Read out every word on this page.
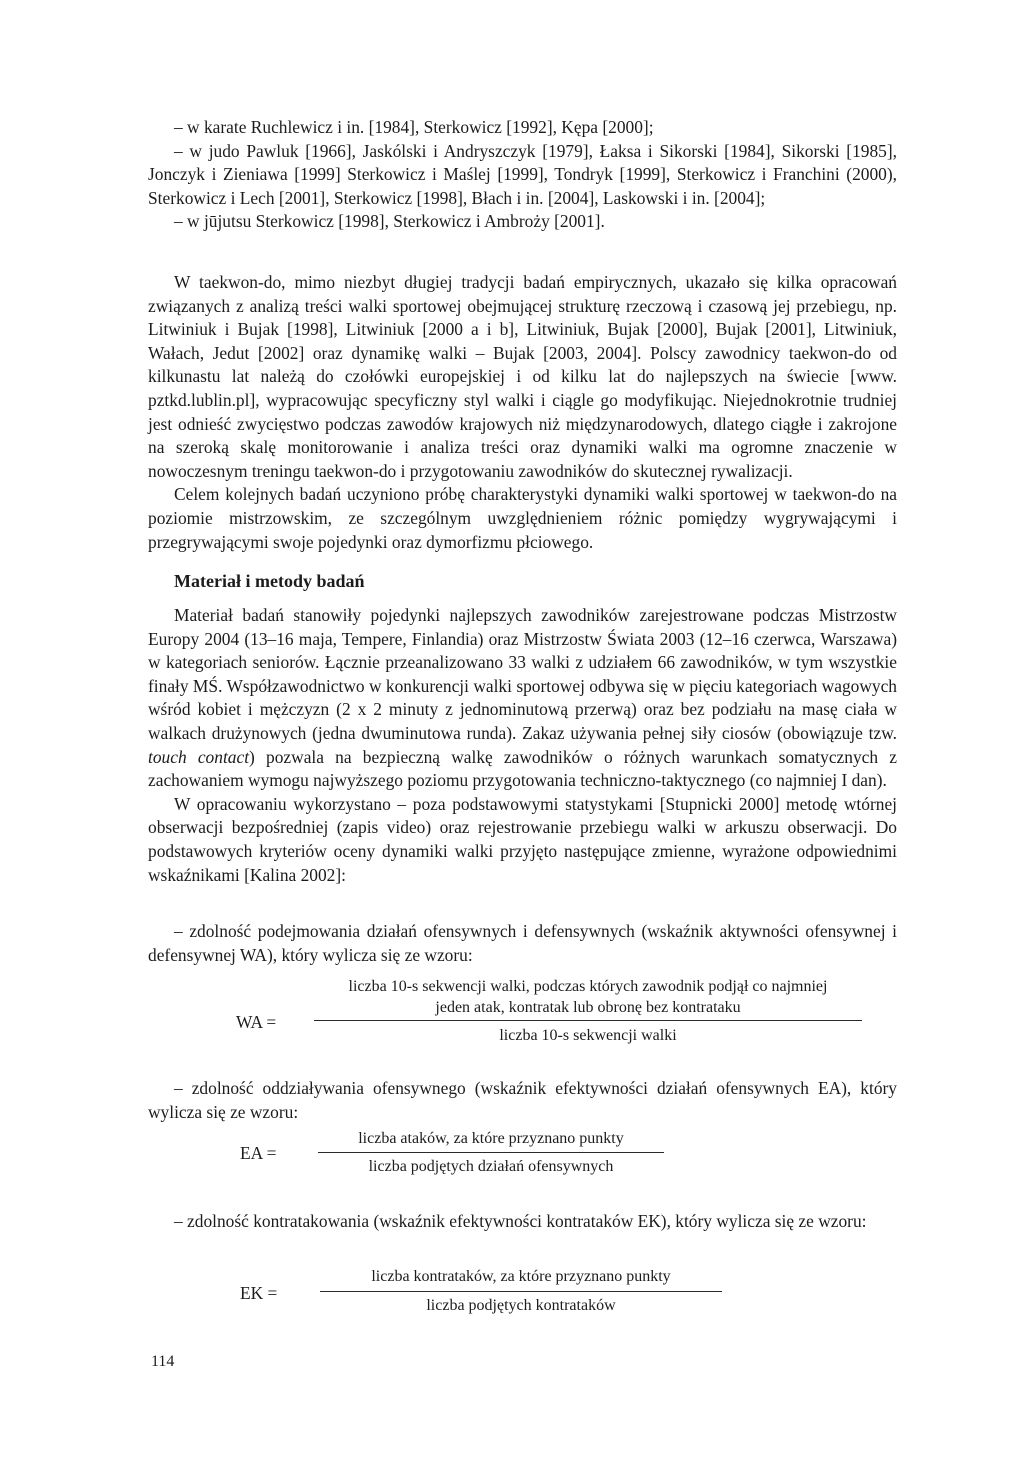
– w karate Ruchlewicz i in. [1984], Sterkowicz [1992], Kępa [2000];

– w judo Pawluk [1966], Jaskólski i Andryszczyk [1979], Łaksa i Sikorski [1984], Sikorski [1985], Jonczyk i Zieniawa [1999] Sterkowicz i Maślej [1999], Tondryk [1999], Sterkowicz i Franchini (2000), Sterkowicz i Lech [2001], Sterkowicz [1998], Błach i in. [2004], Laskowski i in. [2004];

– w jūjutsu Sterkowicz [1998], Sterkowicz i Ambroży [2001].

W taekwon-do, mimo niezbyt długiej tradycji badań empirycznych, ukazało się kilka opracowań związanych z analizą treści walki sportowej obejmującej strukturę rzeczową i czasową jej przebiegu, np. Litwiniuk i Bujak [1998], Litwiniuk [2000 a i b], Litwiniuk, Bujak [2000], Bujak [2001], Litwiniuk, Wałach, Jedut [2002] oraz dynamikę walki – Bujak [2003, 2004]. Polscy zawodnicy taekwon-do od kilkunastu lat należą do czołówki europejskiej i od kilku lat do najlepszych na świecie [www. pztkd.lublin.pl], wypracowując specyficzny styl walki i ciągle go modyfikując. Niejednokrotnie trudniej jest odnieść zwycięstwo podczas zawodów krajowych niż międzynarodowych, dlatego ciągłe i zakrojone na szeroką skalę monitorowanie i analiza treści oraz dynamiki walki ma ogromne znaczenie w nowoczesnym treningu taekwon-do i przygotowaniu zawodników do skutecznej rywalizacji.

Celem kolejnych badań uczyniono próbę charakterystyki dynamiki walki sportowej w taekwon-do na poziomie mistrzowskim, ze szczególnym uwzględnieniem różnic pomiędzy wygrywającymi i przegrywającymi swoje pojedynki oraz dymorfizmu płciowego.

Materiał i metody badań

Materiał badań stanowiły pojedynki najlepszych zawodników zarejestrowane podczas Mistrzostw Europy 2004 (13–16 maja, Tempere, Finlandia) oraz Mistrzostw Świata 2003 (12–16 czerwca, Warszawa) w kategoriach seniorów. Łącznie przeanalizowano 33 walki z udziałem 66 zawodników, w tym wszystkie finały MŚ. Współzawodnictwo w konkurencji walki sportowej odbywa się w pięciu kategoriach wagowych wśród kobiet i mężczyzn (2 x 2 minuty z jednominutową przerwą) oraz bez podziału na masę ciała w walkach drużynowych (jedna dwuminutowa runda). Zakaz używania pełnej siły ciosów (obowiązuje tzw. touch contact) pozwala na bezpieczną walkę zawodników o różnych warunkach somatycznych z zachowaniem wymogu najwyższego poziomu przygotowania techniczno-taktycznego (co najmniej I dan).

W opracowaniu wykorzystano – poza podstawowymi statystykami [Stupnicki 2000] metodę wtórnej obserwacji bezpośredniej (zapis video) oraz rejestrowanie przebiegu walki w arkuszu obserwacji. Do podstawowych kryteriów oceny dynamiki walki przyjęto następujące zmienne, wyrażone odpowiednimi wskaźnikami [Kalina 2002]:

– zdolność podejmowania działań ofensywnych i defensywnych (wskaźnik aktywności ofensywnej i defensywnej WA), który wylicza się ze wzoru:

WA =
liczba 10-s sekwencji walki, podczas których zawodnik podjął co najmniej
jeden atak, kontratak lub obronę bez kontrataku
liczba 10-s sekwencji walki

– zdolność oddziaływania ofensywnego (wskaźnik efektywności działań ofensywnych EA), który wylicza się ze wzoru:

EA =
liczba ataków, za które przyznano punkty
liczba podjętych działań ofensywnych

– zdolność kontratakowania (wskaźnik efektywności kontrataków EK), który wylicza się ze wzoru:

EK =
liczba kontrataków, za które przyznano punkty
liczba podjętych kontrataków
114
